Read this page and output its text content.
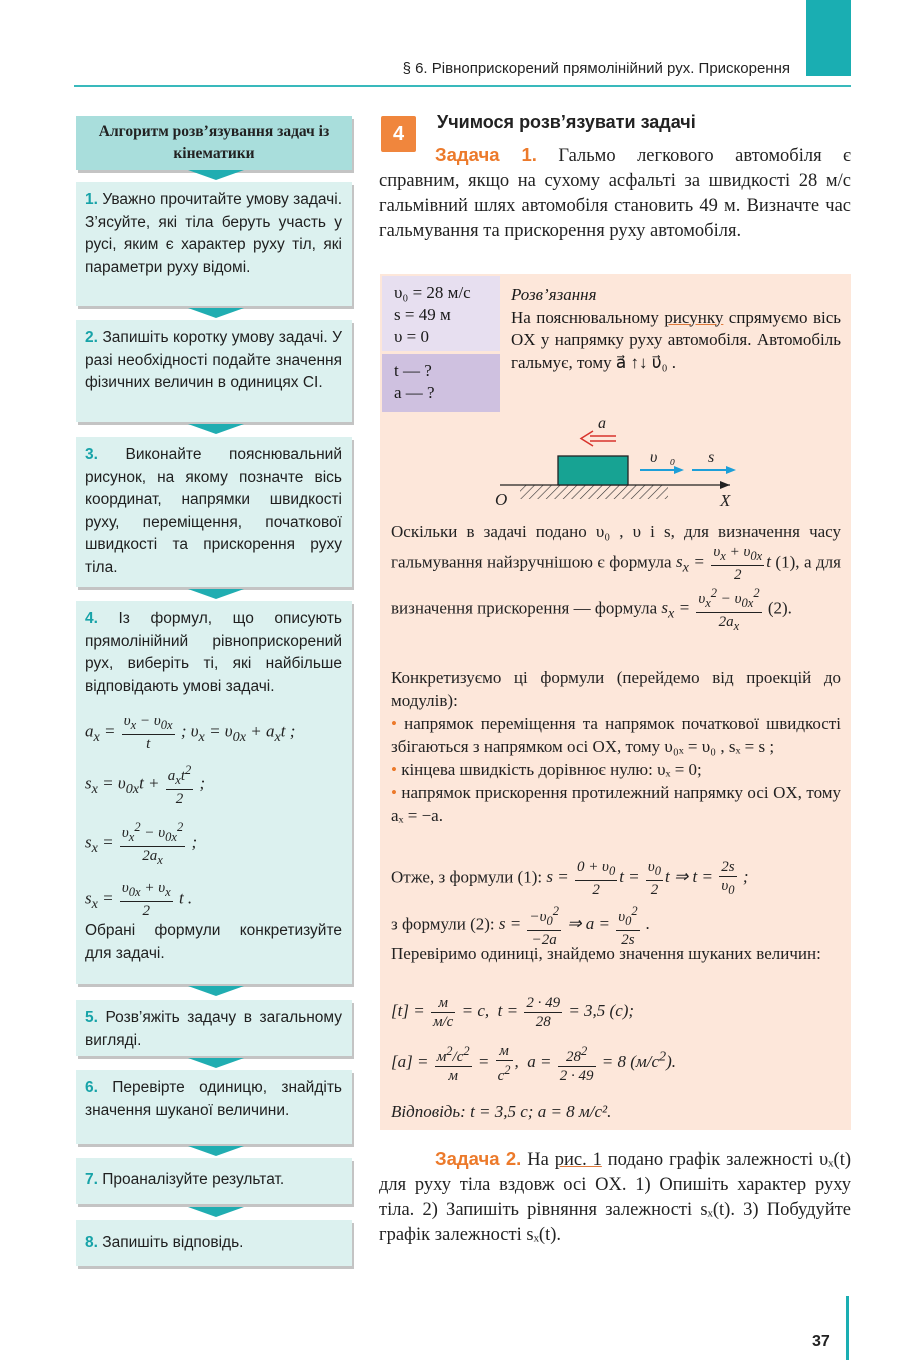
§ 6. Рівноприскорений прямолінійний рух. Прискорення
Алгоритм розв’язування задач із кінематики
1. Уважно прочитайте умову задачі. З’ясуйте, які тіла беруть участь у русі, яким є характер руху тіл, які параметри руху відомі.
2. Запишіть коротку умову задачі. У разі необхідності подайте значення фізичних величин в одиницях СІ.
3. Виконайте пояснювальний рисунок, на якому позначте вісь координат, напрямки швидкості руху, переміщення, початкової швидкості та прискорення руху тіла.
4. Із формул, що описують прямолінійний рівноприскорений рух, виберіть ті, які найбільше відповідають умові задачі.
$a_x = \frac{\upsilon_x - \upsilon_{0x}}{t}$ ; $\upsilon_x = \upsilon_{0x} + a_xt$ ;
$s_x = \upsilon_{0x}t + \frac{a_xt^2}{2}$ ;
$s_x = \frac{\upsilon_x^2 - \upsilon_{0x}^2}{2a_x}$ ;
$s_x = \frac{\upsilon_{0x} + \upsilon_x}{2}$ t .
Обрані формули конкретизуйте для задачі.
5. Розв’яжіть задачу в загальному вигляді.
6. Перевірте одиницю, знайдіть значення шуканої величини.
7. Проаналізуйте результат.
8. Запишіть відповідь.
4
Учимося розв’язувати задачі
Задача 1. Гальмо легкового автомобіля є справним, якщо на сухому асфальті за швидкості 28 м/с гальмівний шлях автомобіля становить 49 м. Визначте час гальмування та прискорення руху автомобіля.
υ₀ = 28 м/с
s = 49 м
υ = 0
t — ?
a — ?
Розв’язання
На пояснювальному рисунку спрямуємо вісь OX у напрямку руху автомобіля. Автомобіль гальмує, тому a⃗ ↑↓ υ⃗₀ .
a⃗
υ⃗₀ s⃗
O	X
Оскільки в задачі подано υ₀ , υ і s, для визначення часу гальмування найзручнішою є формула $s_x = \frac{\upsilon_x + \upsilon_{0x}}{2}$ t (1), а для визначення прискорення — формула $s_x = \frac{\upsilon_x^2 - \upsilon_{0x}^2}{2a_x} (2)$.
Конкретизуємо ці формули (перейдемо від проекцій до модулів):
• напрямок переміщення та напрямок початкової швидкості збігаються з напрямком осі OX, тому υ₀ₓ = υ₀ , sₓ = s ;
• кінцева швидкість дорівнює нулю: υₓ = 0;
• напрямок прискорення протилежний напрямку осі OX, тому aₓ = −a.
Отже, з формули (1): $s = \frac{0 + \upsilon_0}{2}$ $t = \frac{\upsilon_0}{2}$ t ⇒ $t = \frac{2s}{\upsilon_0}$ ;
з формули (2): $s = \frac{-\upsilon_0^2}{-2a}$ ⇒ $a = \frac{\upsilon_0^2}{2s}$ .
Перевіримо одиниці, знайдемо значення шуканих величин:
$[t] = \frac{м}{м/с} = с$,  $t = \frac{2 \cdot 49}{28} = 3,5$ (с);
$[a] = \frac{м^2/с^2}{м} = \frac{м}{с^2}$ ,  $a = \frac{28^2}{2 \cdot 49} = 8$ $(м/с^2)$.
Відповідь: t = 3,5 с; a = 8 м/с².
Задача 2. На рис. 1 подано графік залежності υₓ(t) для руху тіла вздовж осі OX. 1) Опишіть характер руху тіла. 2) Запишіть рівняння залежності sₓ(t). 3) Побудуйте графік залежності sₓ(t).
37
